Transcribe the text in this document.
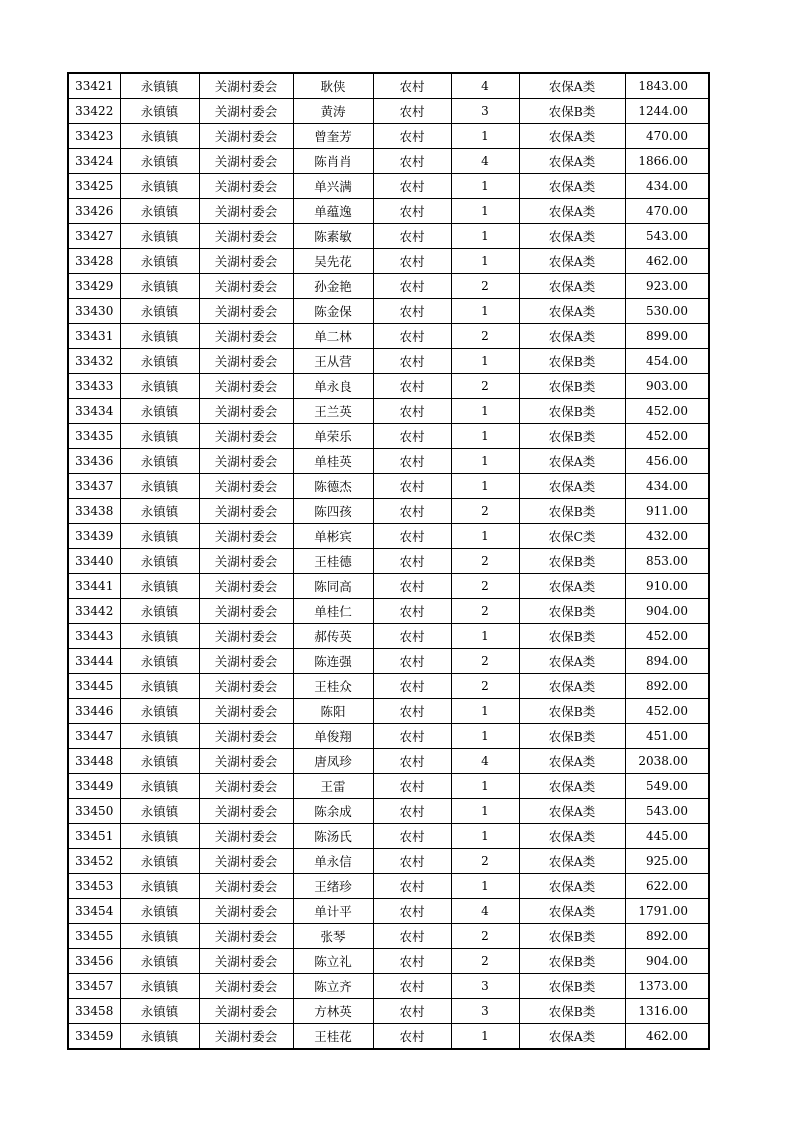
33421	永镇镇	关湖村委会	耿侠	农村	4	农保A类	1843.00
33422	永镇镇	关湖村委会	黄涛	农村	3	农保B类	1244.00
33423	永镇镇	关湖村委会	曾奎芳	农村	1	农保A类	470.00
33424	永镇镇	关湖村委会	陈肖肖	农村	4	农保A类	1866.00
33425	永镇镇	关湖村委会	单兴满	农村	1	农保A类	434.00
33426	永镇镇	关湖村委会	单蕴逸	农村	1	农保A类	470.00
33427	永镇镇	关湖村委会	陈素敏	农村	1	农保A类	543.00
33428	永镇镇	关湖村委会	吴先花	农村	1	农保A类	462.00
33429	永镇镇	关湖村委会	孙金艳	农村	2	农保A类	923.00
33430	永镇镇	关湖村委会	陈金保	农村	1	农保A类	530.00
33431	永镇镇	关湖村委会	单二林	农村	2	农保A类	899.00
33432	永镇镇	关湖村委会	王从营	农村	1	农保B类	454.00
33433	永镇镇	关湖村委会	单永良	农村	2	农保B类	903.00
33434	永镇镇	关湖村委会	王兰英	农村	1	农保B类	452.00
33435	永镇镇	关湖村委会	单荣乐	农村	1	农保B类	452.00
33436	永镇镇	关湖村委会	单桂英	农村	1	农保A类	456.00
33437	永镇镇	关湖村委会	陈德杰	农村	1	农保A类	434.00
33438	永镇镇	关湖村委会	陈四孩	农村	2	农保B类	911.00
33439	永镇镇	关湖村委会	单彬宾	农村	1	农保C类	432.00
33440	永镇镇	关湖村委会	王桂德	农村	2	农保B类	853.00
33441	永镇镇	关湖村委会	陈同高	农村	2	农保A类	910.00
33442	永镇镇	关湖村委会	单桂仁	农村	2	农保B类	904.00
33443	永镇镇	关湖村委会	郝传英	农村	1	农保B类	452.00
33444	永镇镇	关湖村委会	陈连强	农村	2	农保A类	894.00
33445	永镇镇	关湖村委会	王桂众	农村	2	农保A类	892.00
33446	永镇镇	关湖村委会	陈阳	农村	1	农保B类	452.00
33447	永镇镇	关湖村委会	单俊翔	农村	1	农保B类	451.00
33448	永镇镇	关湖村委会	唐凤珍	农村	4	农保A类	2038.00
33449	永镇镇	关湖村委会	王雷	农村	1	农保A类	549.00
33450	永镇镇	关湖村委会	陈余成	农村	1	农保A类	543.00
33451	永镇镇	关湖村委会	陈汤氏	农村	1	农保A类	445.00
33452	永镇镇	关湖村委会	单永信	农村	2	农保A类	925.00
33453	永镇镇	关湖村委会	王绪珍	农村	1	农保A类	622.00
33454	永镇镇	关湖村委会	单计平	农村	4	农保A类	1791.00
33455	永镇镇	关湖村委会	张琴	农村	2	农保B类	892.00
33456	永镇镇	关湖村委会	陈立礼	农村	2	农保B类	904.00
33457	永镇镇	关湖村委会	陈立齐	农村	3	农保B类	1373.00
33458	永镇镇	关湖村委会	方林英	农村	3	农保B类	1316.00
33459	永镇镇	关湖村委会	王桂花	农村	1	农保A类	462.00
